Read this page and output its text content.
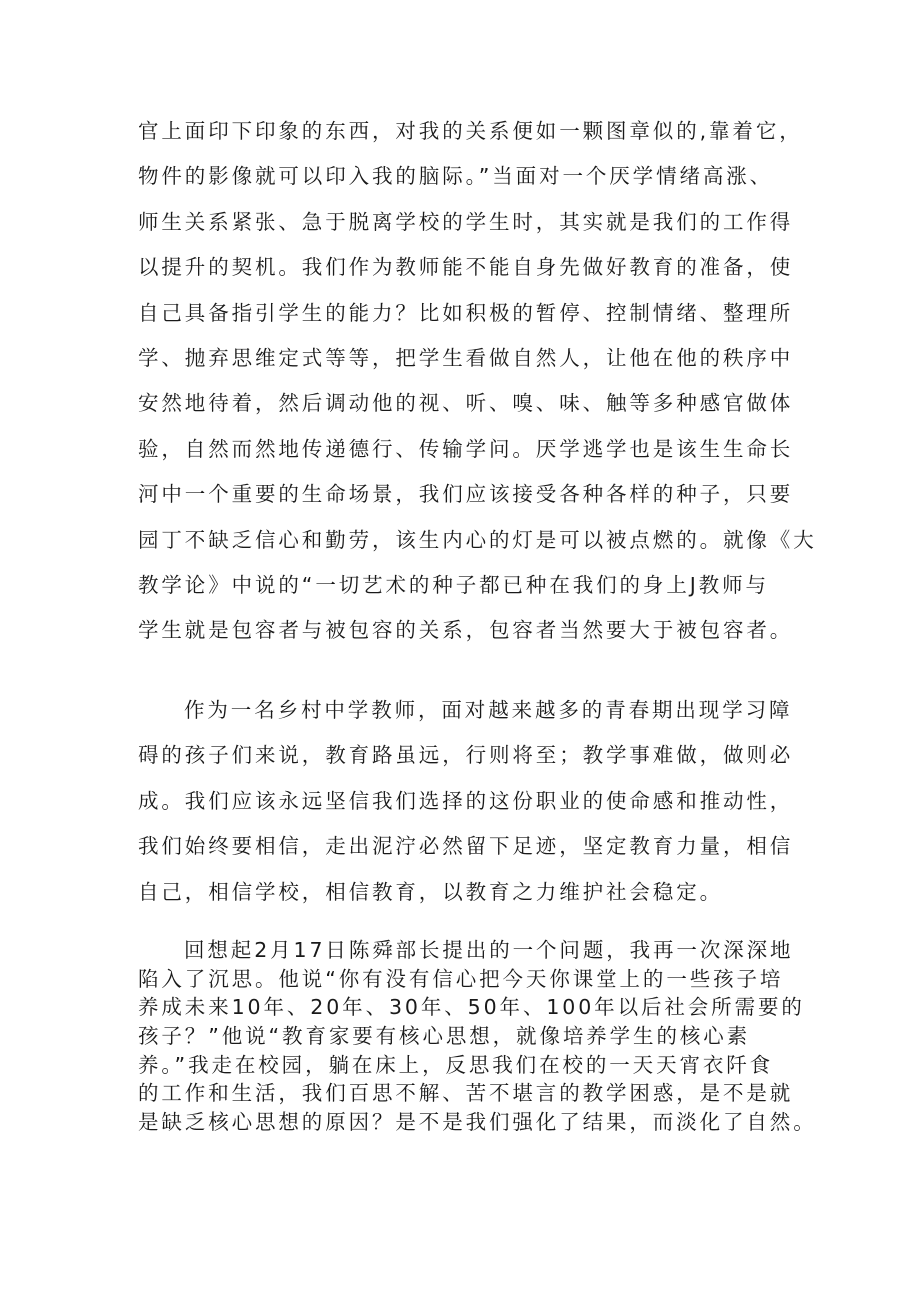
官上面印下印象的东西，对我的关系便如一颗图章似的,靠着它，
物件的影像就可以印入我的脑际。”当面对一个厌学情绪高涨、
师生关系紧张、急于脱离学校的学生时，其实就是我们的工作得
以提升的契机。我们作为教师能不能自身先做好教育的准备，使
自己具备指引学生的能力？比如积极的暂停、控制情绪、整理所
学、抛弃思维定式等等，把学生看做自然人，让他在他的秩序中
安然地待着，然后调动他的视、听、嗅、味、触等多种感官做体
验，自然而然地传递德行、传输学问。厌学逃学也是该生生命长
河中一个重要的生命场景，我们应该接受各种各样的种子，只要
园丁不缺乏信心和勤劳，该生内心的灯是可以被点燃的。就像《大
教学论》中说的“一切艺术的种子都已种在我们的身上J教师与
学生就是包容者与被包容的关系，包容者当然要大于被包容者。
作为一名乡村中学教师，面对越来越多的青春期出现学习障
碍的孩子们来说，教育路虽远，行则将至；教学事难做，做则必
成。我们应该永远坚信我们选择的这份职业的使命感和推动性，
我们始终要相信，走出泥泞必然留下足迹，坚定教育力量，相信
自己，相信学校，相信教育，以教育之力维护社会稳定。
回想起2月17日陈舜部长提出的一个问题，我再一次深深地
陷入了沉思。他说“你有没有信心把今天你课堂上的一些孩子培
养成未来10年、20年、30年、50年、100年以后社会所需要的
孩子？”他说“教育家要有核心思想，就像培养学生的核心素
养。”我走在校园，躺在床上，反思我们在校的一天天宵衣阡食
的工作和生活，我们百思不解、苦不堪言的教学困惑，是不是就
是缺乏核心思想的原因？是不是我们强化了结果，而淡化了自然。
